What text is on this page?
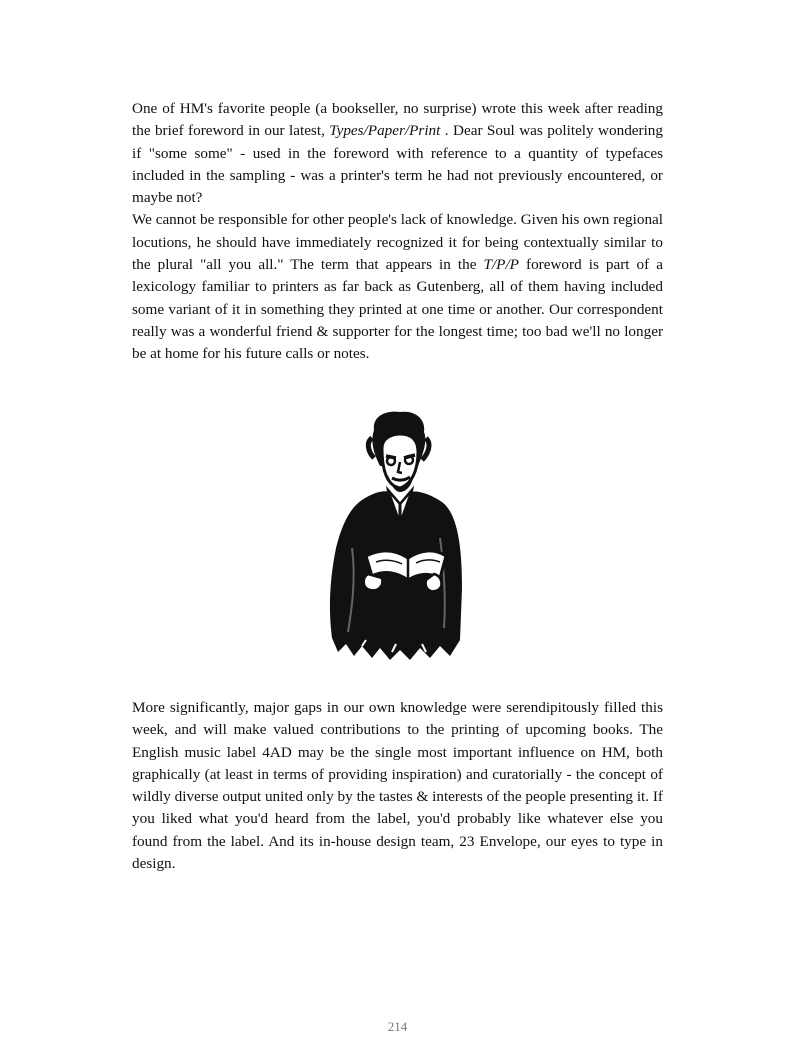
One of HM's favorite people (a bookseller, no surprise) wrote this week after reading the brief foreword in our latest, Types/Paper/Print . Dear Soul was politely wondering if "some some" - used in the foreword with reference to a quantity of typefaces included in the sampling - was a printer's term he had not previously encountered, or maybe not?

We cannot be responsible for other people's lack of knowledge. Given his own regional locutions, he should have immediately recognized it for being contextually similar to the plural "all you all." The term that appears in the T/P/P foreword is part of a lexicology familiar to printers as far back as Gutenberg, all of them having included some variant of it in something they printed at one time or another. Our correspondent really was a wonderful friend & supporter for the longest time; too bad we'll no longer be at home for his future calls or notes.

More significantly, major gaps in our own knowledge were serendipitously filled this week, and will make valued contributions to the printing of upcoming books. The English music label 4AD may be the single most important influence on HM, both graphically (at least in terms of providing inspiration) and curatorially - the concept of wildly diverse output united only by the tastes & interests of the people presenting it. If you liked what you'd heard from the label, you'd probably like whatever else you found from the label. And its in-house design team, 23 Envelope, our eyes to type in design.

214
